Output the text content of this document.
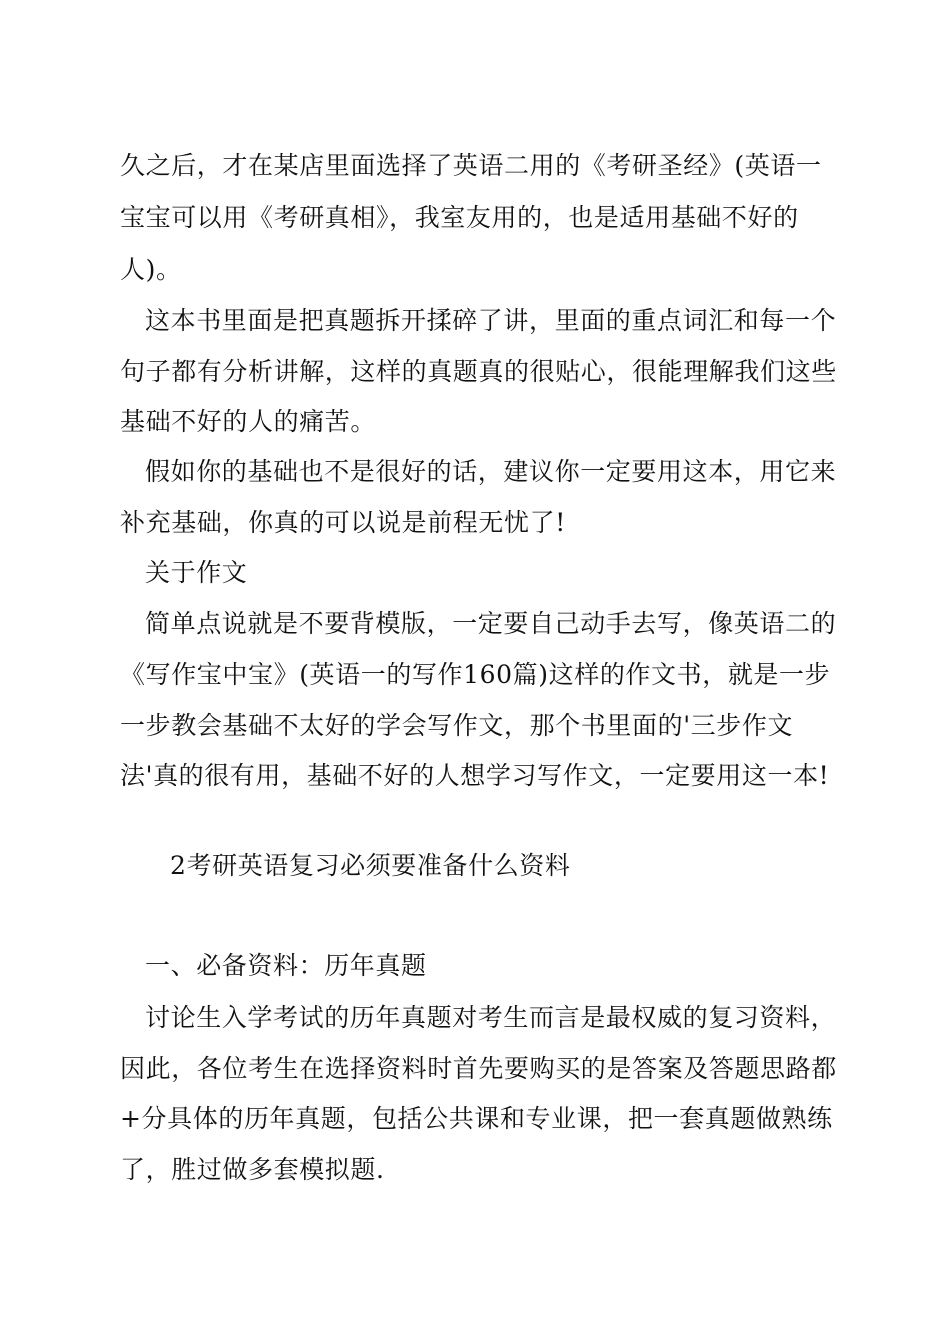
久之后，才在某店里面选择了英语二用的《考研圣经》(英语一
宝宝可以用《考研真相》，我室友用的，也是适用基础不好的
人)。
这本书里面是把真题拆开揉碎了讲，里面的重点词汇和每一个
句子都有分析讲解，这样的真题真的很贴心，很能理解我们这些
基础不好的人的痛苦。
假如你的基础也不是很好的话，建议你一定要用这本，用它来
补充基础，你真的可以说是前程无忧了!
关于作文
简单点说就是不要背模版，一定要自己动手去写，像英语二的
《写作宝中宝》(英语一的写作160篇)这样的作文书，就是一步
一步教会基础不太好的学会写作文，那个书里面的'三步作文
法'真的很有用，基础不好的人想学习写作文，一定要用这一本!
2考研英语复习必须要准备什么资料
一、必备资料：历年真题
讨论生入学考试的历年真题对考生而言是最权威的复习资料，
因此，各位考生在选择资料时首先要购买的是答案及答题思路都
+分具体的历年真题，包括公共课和专业课，把一套真题做熟练
了，胜过做多套模拟题.
